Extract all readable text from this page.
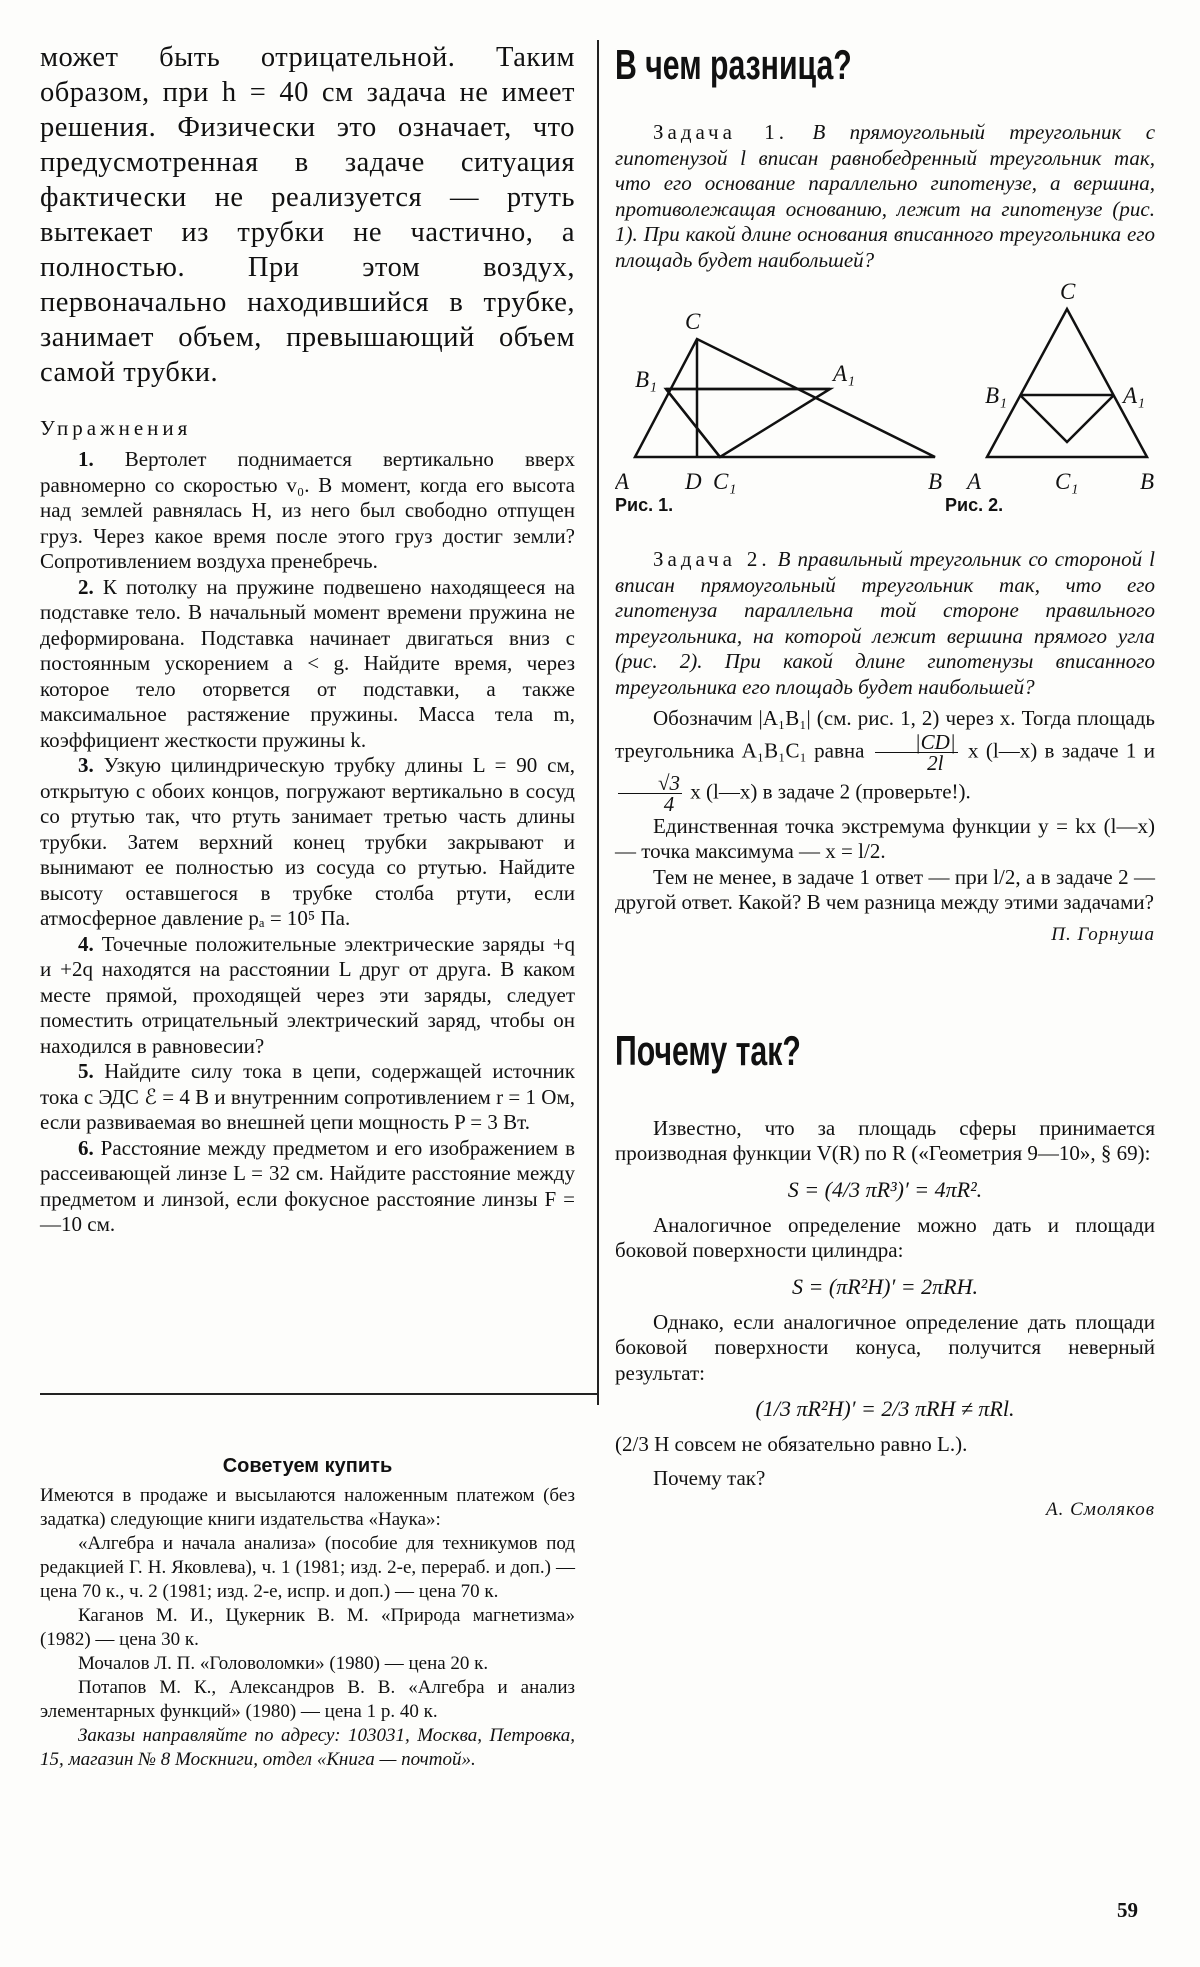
может быть отрицательной. Таким образом, при h = 40 см задача не имеет решения. Физически это означает, что предусмотренная в задаче ситуация фактически не реализуется — ртуть вытекает из трубки не частично, а полностью. При этом воздух, первоначально находившийся в трубке, занимает объем, превышающий объем самой трубки.

Упражнения

1. Вертолет поднимается вертикально вверх равномерно со скоростью v₀. В момент, когда его высота над землей равнялась H, из него был свободно отпущен груз. Через какое время после этого груз достиг земли? Сопротивлением воздуха пренебречь.

2. К потолку на пружине подвешено находящееся на подставке тело. В начальный момент времени пружина не деформирована. Подставка начинает двигаться вниз с постоянным ускорением a < g. Найдите время, через которое тело оторвется от подставки, а также максимальное растяжение пружины. Масса тела m, коэффициент жесткости пружины k.

3. Узкую цилиндрическую трубку длины L = 90 см, открытую с обоих концов, погружают вертикально в сосуд со ртутью так, что ртуть занимает третью часть длины трубки. Затем верхний конец трубки закрывают и вынимают ее полностью из сосуда со ртутью. Найдите высоту оставшегося в трубке столба ртути, если атмосферное давление pₐ = 10⁵ Па.

4. Точечные положительные электрические заряды +q и +2q находятся на расстоянии L друг от друга. В каком месте прямой, проходящей через эти заряды, следует поместить отрицательный электрический заряд, чтобы он находился в равновесии?

5. Найдите силу тока в цепи, содержащей источник тока с ЭДС ℰ = 4 В и внутренним сопротивлением r = 1 Ом, если развиваемая во внешней цепи мощность P = 3 Вт.

6. Расстояние между предметом и его изображением в рассеивающей линзе L = 32 см. Найдите расстояние между предметом и линзой, если фокусное расстояние линзы F = —10 см.

Советуем купить

Имеются в продаже и высылаются наложенным платежом (без задатка) следующие книги издательства «Наука»:

«Алгебра и начала анализа» (пособие для техникумов под редакцией Г. Н. Яковлева), ч. 1 (1981; изд. 2-е, перераб. и доп.) — цена 70 к., ч. 2 (1981; изд. 2-е, испр. и доп.) — цена 70 к.

Каганов М. И., Цукерник В. М. «Природа магнетизма» (1982) — цена 30 к.

Мочалов Л. П. «Головоломки» (1980) — цена 20 к.

Потапов М. К., Александров В. В. «Алгебра и анализ элементарных функций» (1980) — цена 1 р. 40 к.

Заказы направляйте по адресу: 103031, Москва, Петровка, 15, магазин № 8 Москниги, отдел «Книга — почтой».

В чем разница?

Задача 1. В прямоугольный треугольник с гипотенузой l вписан равнобедренный треугольник так, что его основание параллельно гипотенузе, а вершина, противолежащая основанию, лежит на гипотенузе (рис. 1). При какой длине основания вписанного треугольника его площадь будет наибольшей?

A	B
C
D C₁
B₁	A₁
A	B
C
C₁
B₁	A₁
Рис. 1.	Рис. 2.

Задача 2. В правильный треугольник со стороной l вписан прямоугольный треугольник так, что его гипотенуза параллельна той стороне правильного треугольника, на которой лежит вершина прямого угла (рис. 2). При какой длине гипотенузы вписанного треугольника его площадь будет наибольшей?

Обозначим |A₁B₁| (см. рис. 1, 2) через x. Тогда площадь треугольника A₁B₁C₁ равна $\frac{|CD|}{2l}$ x (l—x) в задаче 1 и
$\frac{√3}{4}$ x (l—x) в задаче 2 (проверьте!).

Единственная точка экстремума функции y = kx (l—x) — точка максимума — x = l/2.

Тем не менее, в задаче 1 ответ — при l/2, а в задаче 2 — другой ответ. Какой? В чем разница между этими задачами?

П. Горнуша

Почему так?

Известно, что за площадь сферы принимается производная функции V(R) по R («Геометрия 9—10», § 69):

S = (4/3 πR³)′ = 4πR².

Аналогичное определение можно дать и площади боковой поверхности цилиндра:

S = (πR²H)′ = 2πRH.

Однако, если аналогичное определение дать площади боковой поверхности конуса, получится неверный результат:

(1/3 πR²H)′ = 2/3 πRH ≠ πRl.

(2/3 H совсем не обязательно равно L.).

Почему так?

А. Смоляков

59
